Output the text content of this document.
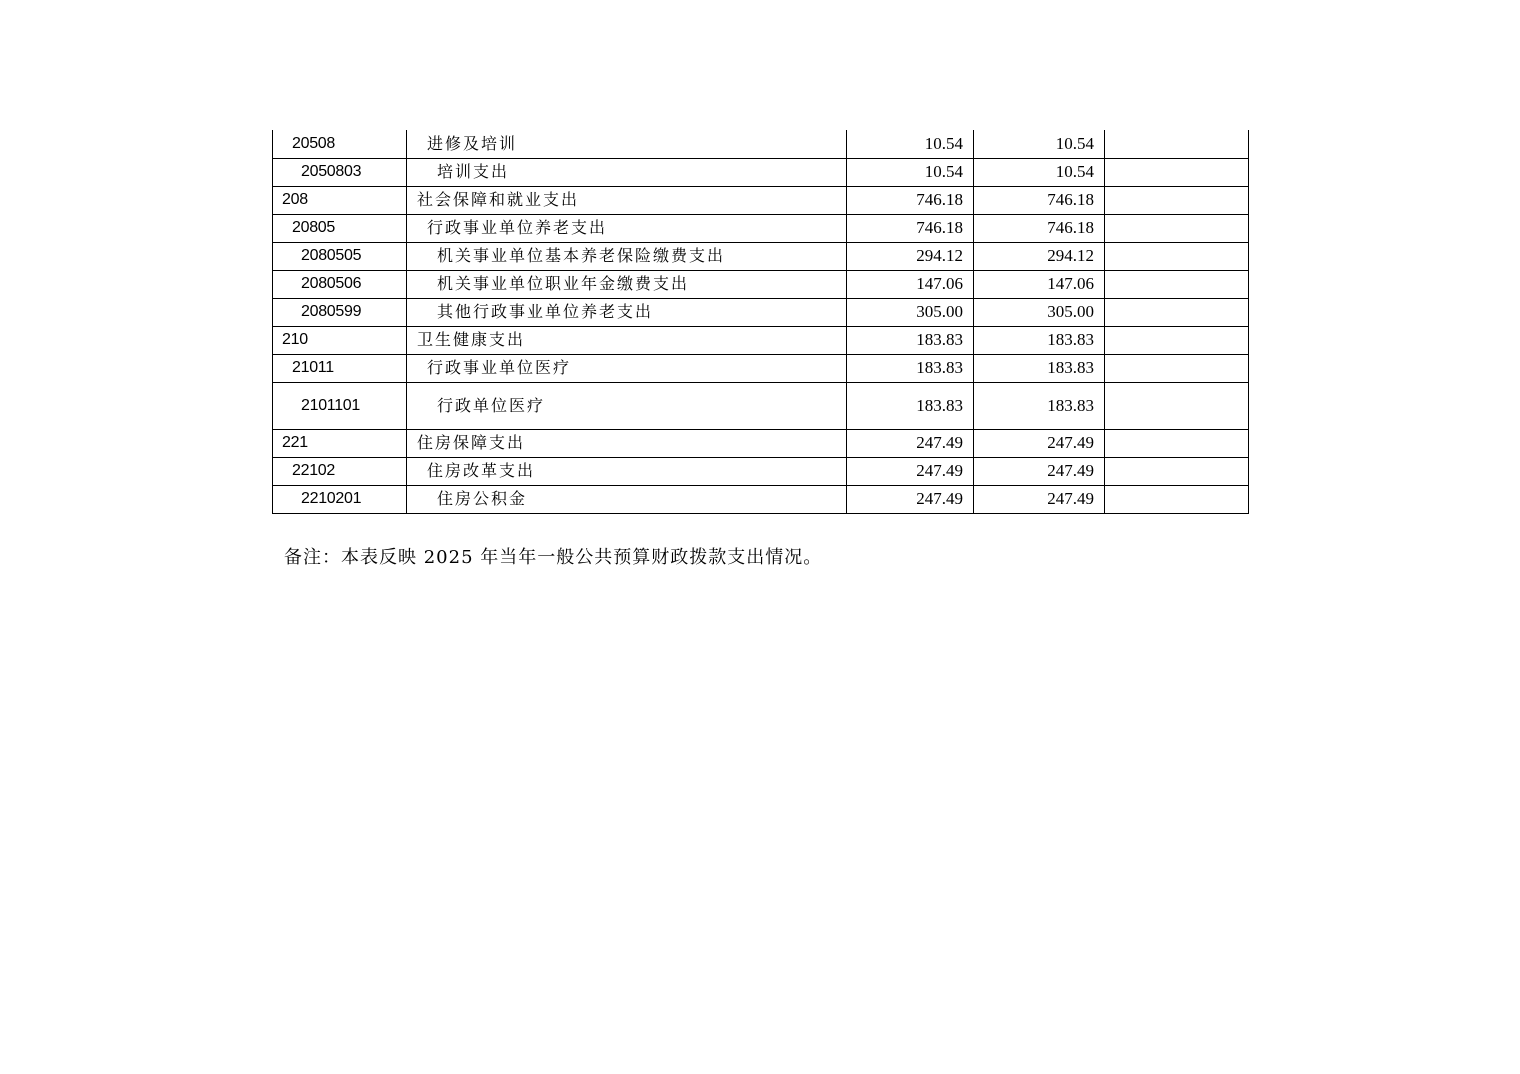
20508	进修及培训	10.54	10.54	
2050803	培训支出	10.54	10.54	
208	社会保障和就业支出	746.18	746.18	
20805	行政事业单位养老支出	746.18	746.18	
2080505	机关事业单位基本养老保险缴费支出	294.12	294.12	
2080506	机关事业单位职业年金缴费支出	147.06	147.06	
2080599	其他行政事业单位养老支出	305.00	305.00	
210	卫生健康支出	183.83	183.83	
21011	行政事业单位医疗	183.83	183.83	
2101101	行政单位医疗	183.83	183.83	
221	住房保障支出	247.49	247.49	
22102	住房改革支出	247.49	247.49	
2210201	住房公积金	247.49	247.49	
备注：本表反映 2025 年当年一般公共预算财政拨款支出情况。
